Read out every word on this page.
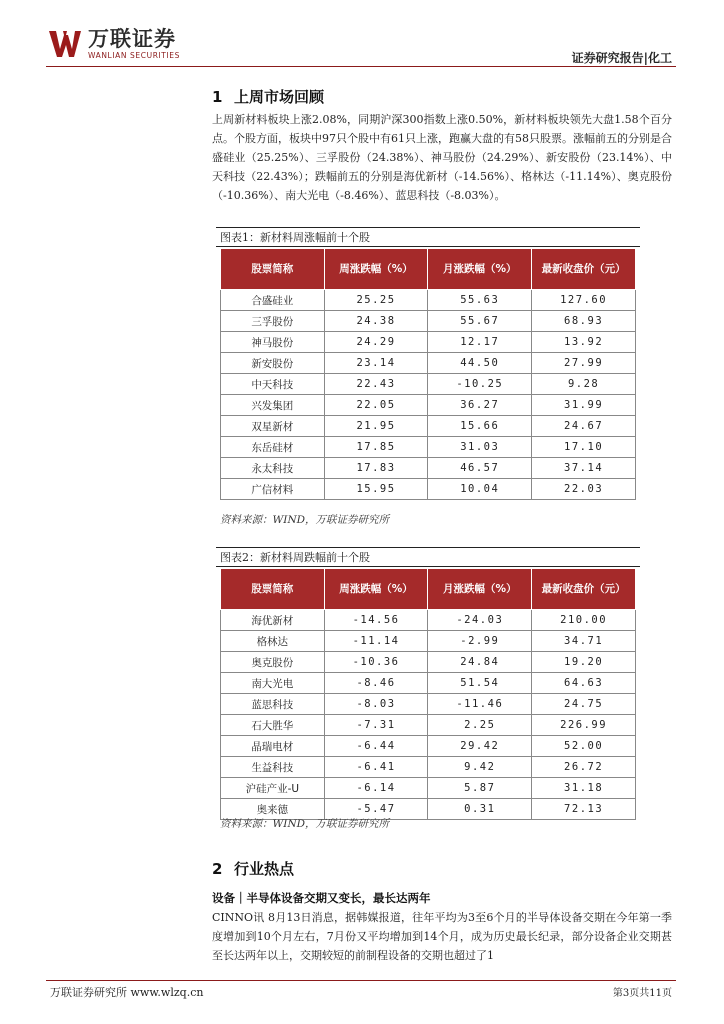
万联证券
WANLIAN SECURITIES	证券研究报告|化工
1 上周市场回顾

上周新材料板块上涨2.08%，同期沪深300指数上涨0.50%，新材料板块领先大盘1.58个百分点。个股方面，板块中97只个股中有61只上涨，跑赢大盘的有58只股票。涨幅前五的分别是合盛硅业（25.25%）、三孚股份（24.38%）、神马股份（24.29%）、新安股份（23.14%）、中天科技（22.43%）；跌幅前五的分别是海优新材（-14.56%）、格林达（-11.14%）、奥克股份（-10.36%）、南大光电（-8.46%）、蓝思科技（-8.03%）。

图表1：新材料周涨幅前十个股
股票简称	周涨跌幅（%）	月涨跌幅（%）	最新收盘价（元）
合盛硅业	25.25	55.63	127.60
三孚股份	24.38	55.67	68.93
神马股份	24.29	12.17	13.92
新安股份	23.14	44.50	27.99
中天科技	22.43	-10.25	9.28
兴发集团	22.05	36.27	31.99
双星新材	21.95	15.66	24.67
东岳硅材	17.85	31.03	17.10
永太科技	17.83	46.57	37.14
广信材料	15.95	10.04	22.03
资料来源：WIND，万联证券研究所
图表2：新材料周跌幅前十个股
股票简称	周涨跌幅（%）	月涨跌幅（%）	最新收盘价（元）
海优新材	-14.56	-24.03	210.00
格林达	-11.14	-2.99	34.71
奥克股份	-10.36	24.84	19.20
南大光电	-8.46	51.54	64.63
蓝思科技	-8.03	-11.46	24.75
石大胜华	-7.31	2.25	226.99
晶瑞电材	-6.44	29.42	52.00
生益科技	-6.41	9.42	26.72
沪硅产业-U	-6.14	5.87	31.18
奥来德	-5.47	0.31	72.13
资料来源：WIND，万联证券研究所
2 行业热点
设备｜半导体设备交期又变长，最长达两年

CINNO讯 8月13日消息，据韩媒报道，往年平均为3至6个月的半导体设备交期在今年第一季度增加到10个月左右，7月份又平均增加到14个月，成为历史最长纪录，部分设备企业交期甚至长达两年以上，交期较短的前制程设备的交期也超过了1

万联证券研究所 www.wlzq.cn	第3页共11页
